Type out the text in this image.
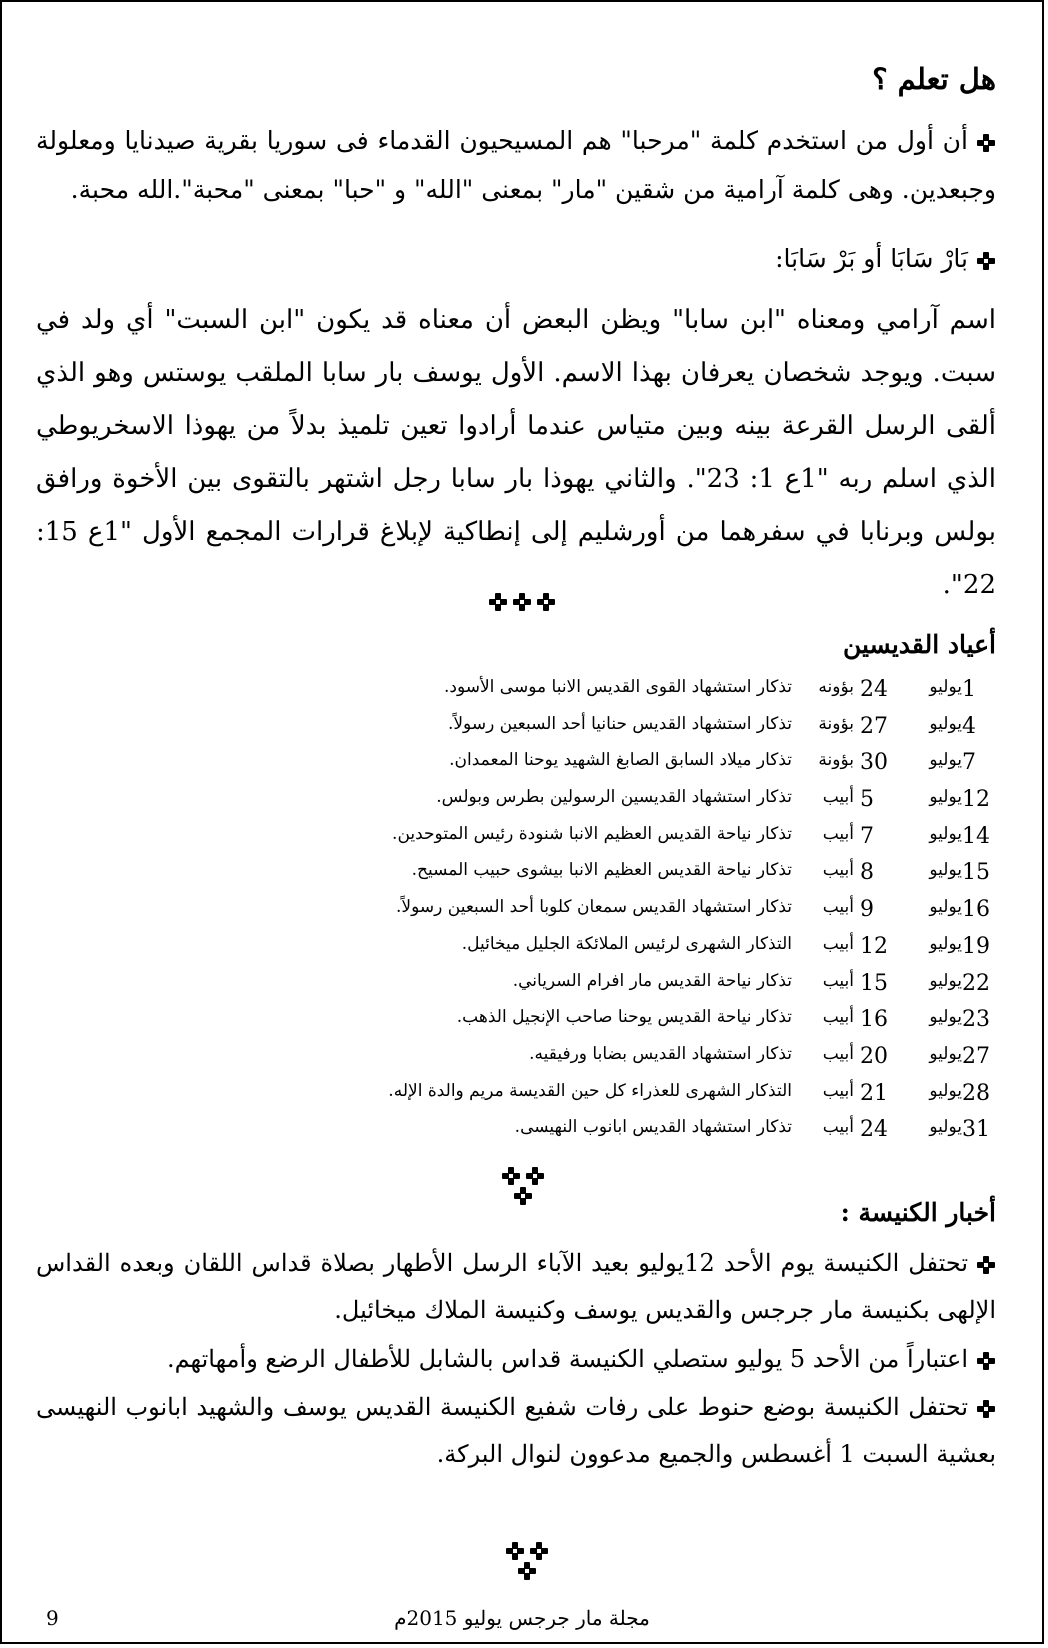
هل تعلم ؟
أن أول من استخدم كلمة "مرحبا" هم المسيحيون القدماء فى سوريا بقرية صيدنايا ومعلولة وجبعدين. وهى كلمة آرامية من شقين "مار" بمعنى "الله" و "حبا" بمعنى "محبة".الله محبة.
بَارْ سَابَا أو بَرْ سَابَا:
اسم آرامي ومعناه "ابن سابا" ويظن البعض أن معناه قد يكون "ابن السبت" أي ولد في سبت. ويوجد شخصان يعرفان بهذا الاسم. الأول يوسف بار سابا الملقب يوستس وهو الذي ألقى الرسل القرعة بينه وبين متياس عندما أرادوا تعين تلميذ بدلاً من يهوذا الاسخريوطي الذي اسلم ربه "1ع 1: 23". والثاني يهوذا بار سابا رجل اشتهر بالتقوى بين الأخوة ورافق بولس وبرنابا في سفرهما من أورشليم إلى إنطاكية لإبلاغ قرارات المجمع الأول "1ع 15: 22".
أعياد القديسين
1
يوليو
24
بؤونه
تذكار استشهاد القوى القديس الانبا موسى الأسود.
4
يوليو
27
بؤونة
تذكار استشهاد القديس حنانيا أحد السبعين رسولاً.
7
يوليو
30
بؤونة
تذكار ميلاد السابق الصابغ الشهيد يوحنا المعمدان.
12
يوليو
5
أبيب
تذكار استشهاد القديسين الرسولين بطرس وبولس.
14
يوليو
7
أبيب
تذكار نياحة القديس العظيم الانبا شنودة رئيس المتوحدين.
15
يوليو
8
أبيب
تذكار نياحة القديس العظيم الانبا بيشوى حبيب المسيح.
16
يوليو
9
أبيب
تذكار استشهاد القديس سمعان كلوبا أحد السبعين رسولاً.
19
يوليو
12
أبيب
التذكار الشهرى لرئيس الملائكة الجليل ميخائيل.
22
يوليو
15
أبيب
تذكار نياحة القديس مار افرام السرياني.
23
يوليو
16
أبيب
تذكار نياحة القديس يوحنا صاحب الإنجيل الذهب.
27
يوليو
20
أبيب
تذكار استشهاد القديس بضابا ورفيقيه.
28
يوليو
21
أبيب
التذكار الشهرى للعذراء كل حين القديسة مريم والدة الإله.
31
يوليو
24
أبيب
تذكار استشهاد القديس ابانوب النهيسى.
أخبار الكنيسة :
تحتفل الكنيسة يوم الأحد 12يوليو بعيد الآباء الرسل الأطهار بصلاة قداس اللقان وبعده القداس الإلهى بكنيسة مار جرجس والقديس يوسف وكنيسة الملاك ميخائيل.
اعتباراً من الأحد 5 يوليو ستصلي الكنيسة قداس بالشابل للأطفال الرضع وأمهاتهم.
تحتفل الكنيسة بوضع حنوط على رفات شفيع الكنيسة القديس يوسف والشهيد ابانوب النهيسى بعشية السبت 1 أغسطس والجميع مدعوون لنوال البركة.
9	مجلة مار جرجس يوليو 2015م
